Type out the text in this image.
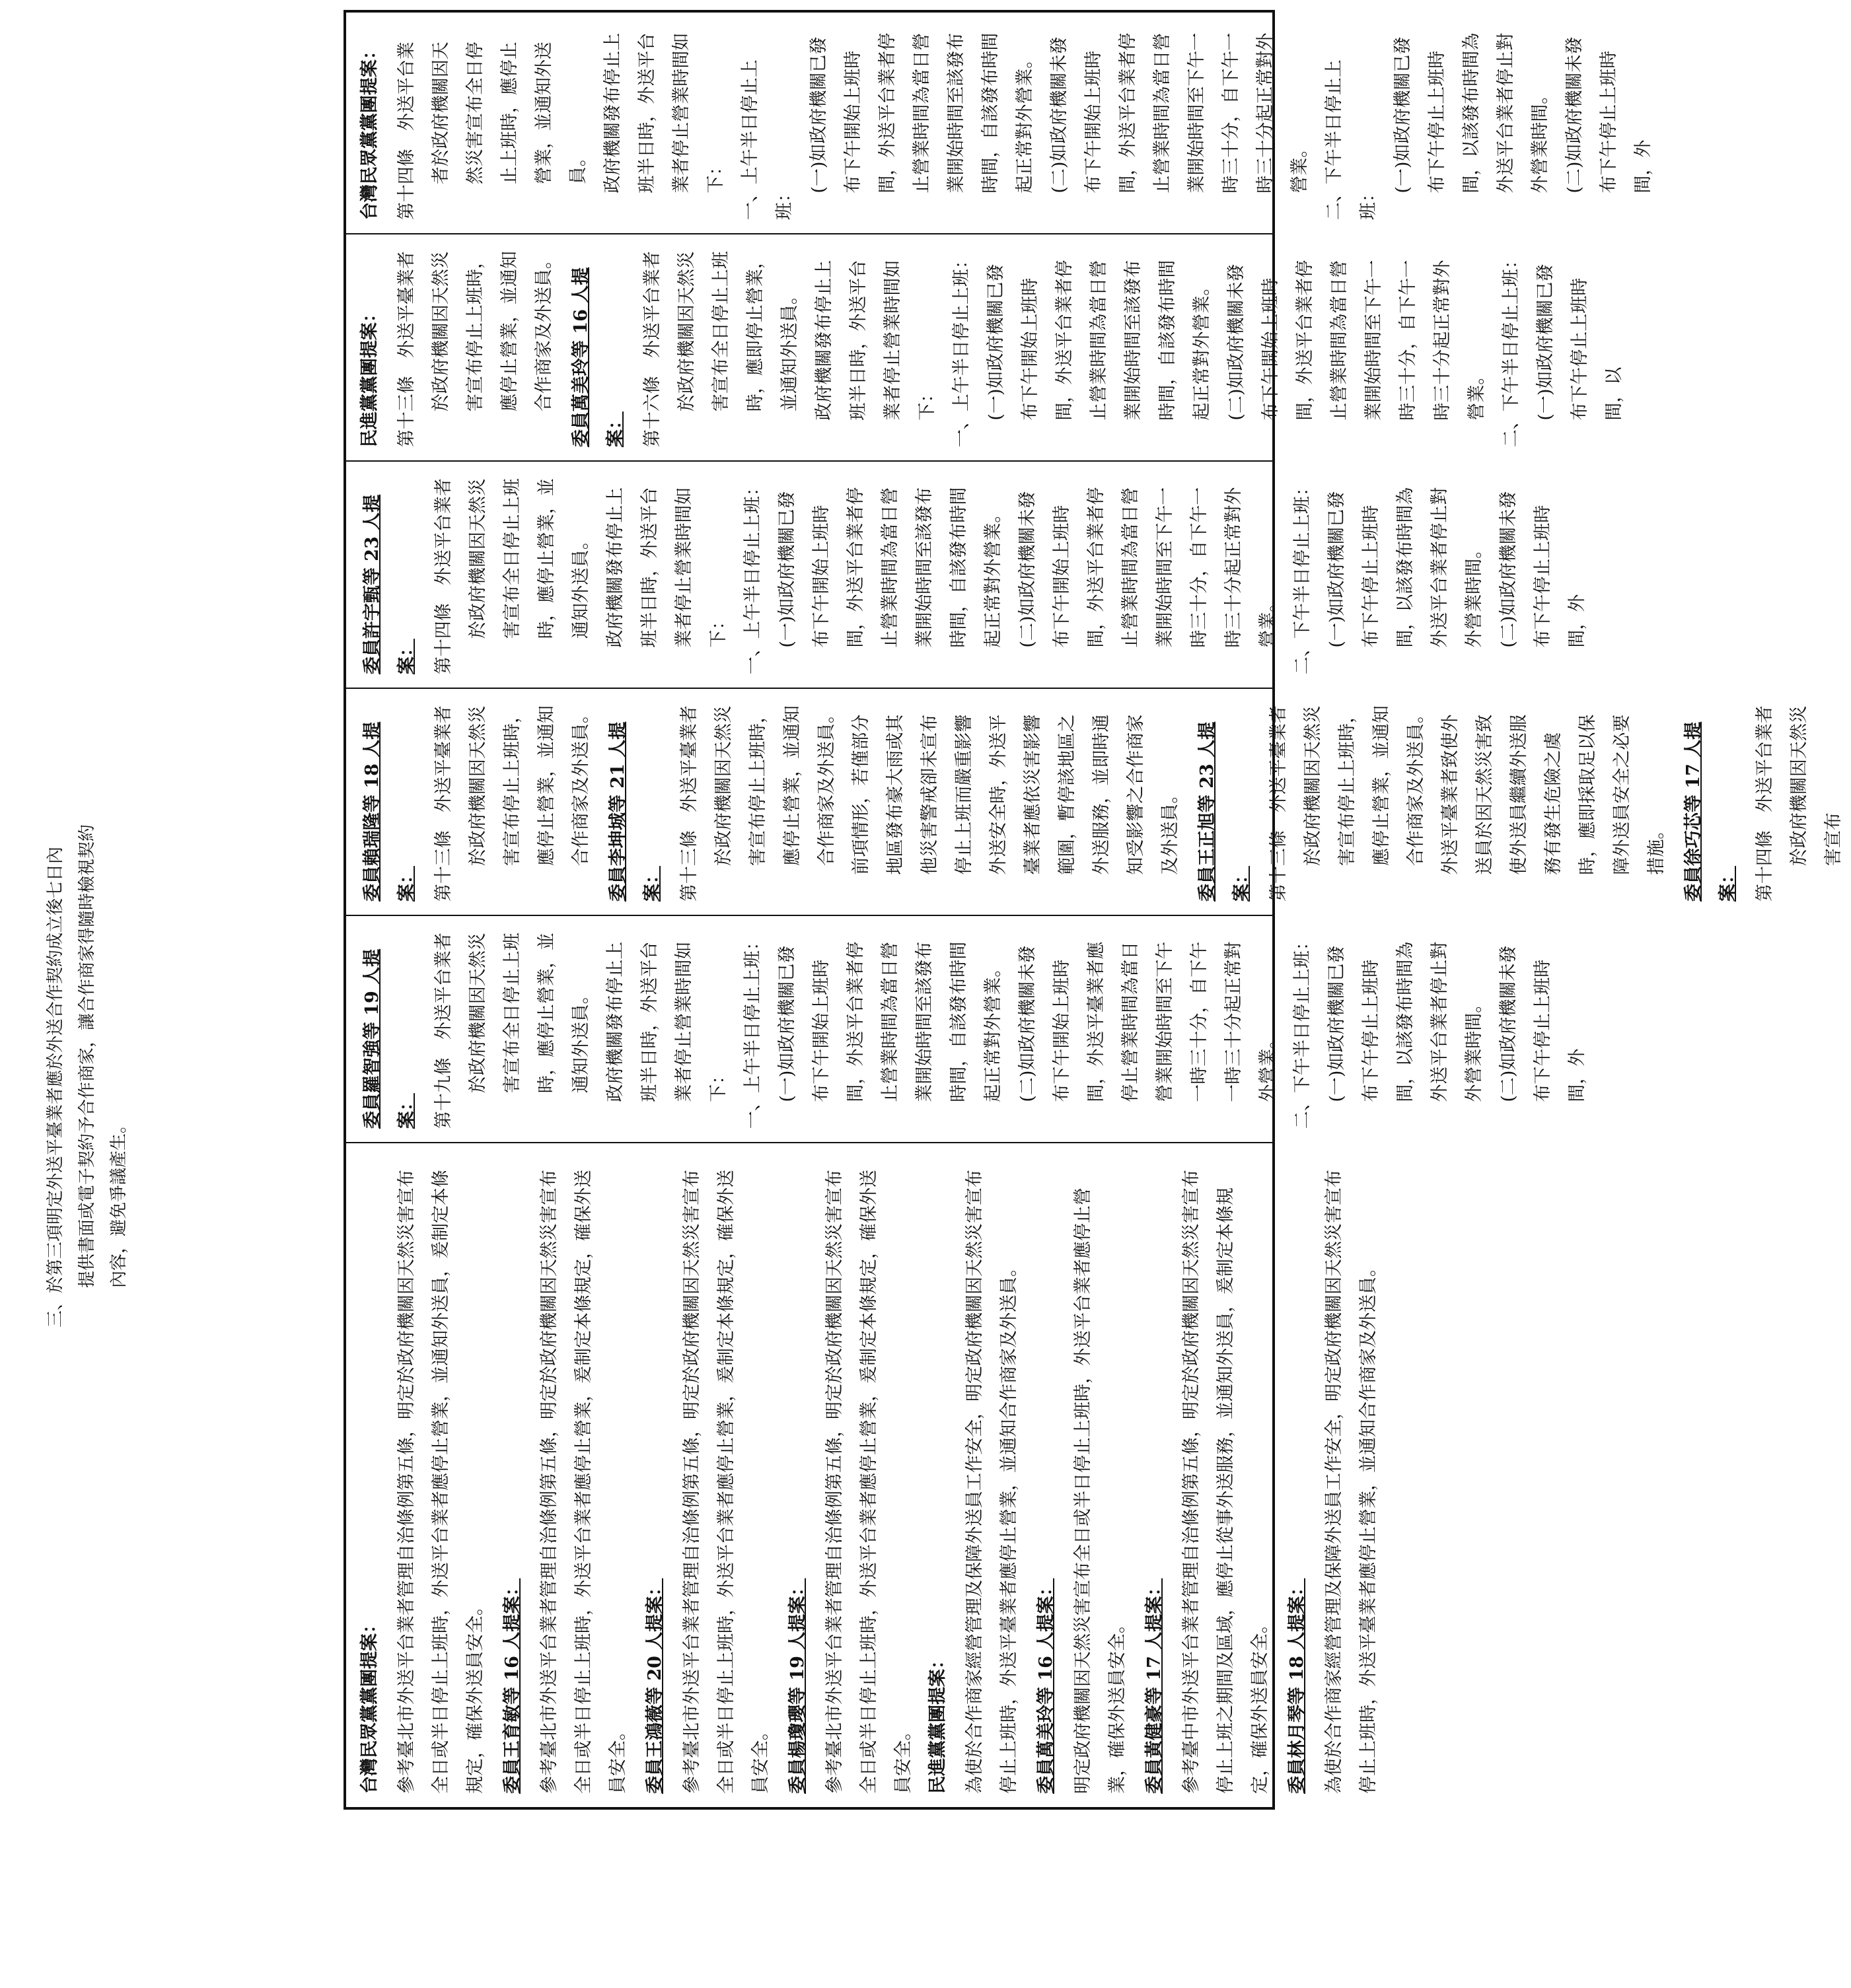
三、於第三項明定外送平臺業者應於外送合作契約成立後七日內 提供書面或電子契約予合作商家，讓合作商家得隨時檢視契約 內容，避免爭議產生。

台灣民眾黨黨團提案： 參考臺北市外送平台業者管理自治條例第五條，明定於政府機關因天然災害宣布全日或半日停止上班時，外送平台業者應停止營業，並通知外送員，爰制定本條規定，確保外送員安全。 委員王育敏等 16 人提案： 參考臺北市外送平台業者管理自治條例第五條，明定於政府機關因天然災害宣布全日或半日停止上班時，外送平台業者應停止營業，爰制定本條規定，確保外送員安全。 委員王鴻薇等 20 人提案： 參考臺北市外送平台業者管理自治條例第五條，明定於政府機關因天然災害宣布全日或半日停止上班時，外送平台業者應停止營業，爰制定本條規定，確保外送員安全。 委員楊瓊瓔等 19 人提案： 參考臺北市外送平台業者管理自治條例第五條，明定於政府機關因天然災害宣布全日或半日停止上班時，外送平台業者應停止營業，爰制定本條規定，確保外送員安全。 民進黨黨團提案： 為使於合作商家經營管理及保障外送員工作安全，明定政府機關因天然災害宣布停止上班時，外送平臺業者應停止營業，並通知合作商家及外送員。 委員萬美玲等 16 人提案： 明定政府機關因天然災害宣布全日或半日停止上班時，外送平台業者應停止營業，確保外送員安全。 委員黃健豪等 17 人提案： 參考臺中市外送平台業者管理自治條例第五條，明定於政府機關因天然災害宣布停止上班之期間及區域，應停止從事外送服務，並通知外送員，爰制定本條規定，確保外送員安全。 委員林月琴等 18 人提案： 為使於合作商家經營管理及保障外送員工作安全，明定政府機關因天然災害宣布停止上班時，外送平臺業者應停止營業，並通知合作商家及外送員。

委員羅智強等 19 人提案： 第十九條　外送平台業者於政府機關因天然災害宣布全日停止上班時，應停止營業，並通知外送員。 政府機關發布停止上班半日時，外送平台業者停止營業時間如下： 一、上午半日停止上班： (一)如政府機關已發布下午開始上班時間，外送平台業者停止營業時間為當日營業開始時間至該發布時間，自該發布時間起正常對外營業。 (二)如政府機關未發布下午開始上班時間，外送平臺業者應停止營業時間為當日營業開始時間至下午一時三十分，自下午一時三十分起正常對外營業。 二、下午半日停止上班： (一)如政府機關已發布下午停止上班時間，以該發布時間為外送平台業者停止對外營業時間。 (二)如政府機關未發布下午停止上班時間，外

委員賴瑞隆等 18 人提案： 第十三條　外送平臺業者於政府機關因天然災害宣布停止上班時，應停止營業，並通知合作商家及外送員。 委員李坤城等 21 人提案： 第十三條　外送平臺業者於政府機關因天然災害宣布停止上班時，應停止營業，並通知合作商家及外送員。 前項情形，若僅部分地區發布豪大雨或其他災害警戒卻未宣布停止上班而嚴重影響外送安全時，外送平臺業者應依災害影響範圍，暫停該地區之外送服務，並即時通知受影響之合作商家及外送員。 委員王正旭等 23 人提案： 第十三條　外送平臺業者於政府機關因天然災害宣布停止上班時，應停止營業，並通知合作商家及外送員。 外送平臺業者致使外送員於因天然災害致使外送員繼續外送服務有發生危險之虞時，應即採取足以保障外送員安全之必要措施。 委員徐巧芯等 17 人提案： 第十四條　外送平台業者於政府機關因天然災害宣布

委員許宇甄等 23 人提案： 第十四條　外送平台業者於政府機關因天然災害宣布全日停止上班時，應停止營業，並通知外送員。 政府機關發布停止上班半日時，外送平台業者停止營業時間如下： 一、上午半日停止上班： (一)如政府機關已發布下午開始上班時間，外送平台業者停止營業時間為當日營業開始時間至該發布時間，自該發布時間起正常對外營業。 (二)如政府機關未發布下午開始上班時間，外送平台業者停止營業時間為當日營業開始時間至下午一時三十分，自下午一時三十分起正常對外營業。 二、下午半日停止上班： (一)如政府機關已發布下午停止上班時間，以該發布時間為外送平台業者停止對外營業時間。 (二)如政府機關未發布下午停止上班時間，外

民進黨黨團提案： 第十三條　外送平臺業者於政府機關因天然災害宣布停止上班時，應停止營業，並通知合作商家及外送員。 委員萬美玲等 16 人提案： 第十六條　外送平台業者於政府機關因天然災害宣布全日停止上班時，應即停止營業，並通知外送員。 政府機關發布停止上班半日時，外送平台業者停止營業時間如下： 一、上午半日停止上班： (一)如政府機關已發布下午開始上班時間，外送平台業者停止營業時間為當日營業開始時間至該發布時間，自該發布時間起正常對外營業。 (二)如政府機關未發布下午開始上班時間，外送平台業者停止營業時間為當日營業開始時間至下午一時三十分，自下午一時三十分起正常對外營業。 二、下午半日停止上班： (一)如政府機關已發布下午停止上班時間，以

台灣民眾黨黨團提案： 第十四條　外送平台業者於政府機關因天然災害宣布全日停止上班時，應停止營業，並通知外送員。 政府機關發布停止上班半日時，外送平台業者停止營業時間如下： 一、上午半日停止上班：

(一)如政府機關已發布下午開始上班時間，外送平台業者停止營業時間為當日營業開始時間至該發布時間，自該發布時間起正常對外營業。 (二)如政府機關未發布下午開始上班時間，外送平台業者停止營業時間為當日營業開始時間至下午一時三十分，自下午一時三十分起正常對外營業。 二、下午半日停止上班：

(一)如政府機關已發布下午停止上班時間，以該發布時間為外送平台業者停止對外營業時間。 (二)如政府機關未發布下午停止上班時間，外
